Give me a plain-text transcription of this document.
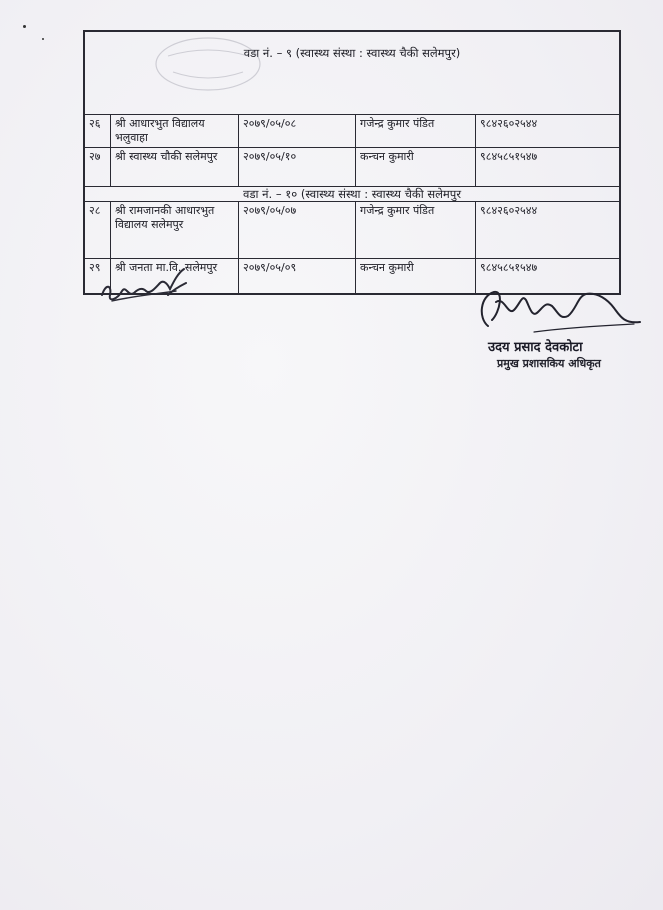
वडा नं. – ९ (स्वास्थ्य संस्था : स्वास्थ्य चैकी सलेमपुर)				
२६	श्री आधारभुत विद्यालय भलुवाहा	२०७९/०५/०८	गजेन्द्र कुमार पंडित	९८४२६०२५४४
२७	श्री स्वास्थ्य चौकी सलेमपुर	२०७९/०५/१०	कन्चन कुमारी	९८४५८५१५४७
वडा नं. – १० (स्वास्थ्य संस्था : स्वास्थ्य चैकी सलेमपुर				
२८	श्री रामजानकी आधारभुत विद्यालय सलेमपुर	२०७९/०५/०७	गजेन्द्र कुमार पंडित	९८४२६०२५४४
२९	श्री जनता मा.वि. सलेमपुर	२०७९/०५/०९	कन्चन कुमारी	९८४५८५१५४७
उदय प्रसाद देवकोटा
प्रमुख प्रशासकिय अधिकृत
